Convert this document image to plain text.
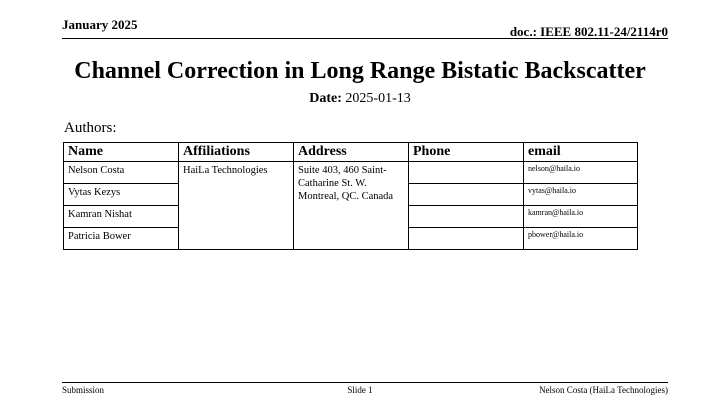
January 2025	doc.: IEEE 802.11-24/2114r0
Channel Correction in Long Range Bistatic Backscatter
Date: 2025-01-13
Authors:
Name	Affiliations	Address	Phone	email
Nelson Costa	HaiLa Technologies	Suite 403, 460 Saint-Catharine St. W. Montreal, QC. Canada		nelson@haila.io
Vytas Kezys				vytas@haila.io
Kamran Nishat				kamran@haila.io
Patricia Bower				pbower@haila.io
Submission	Slide 1	Nelson Costa (HaiLa Technologies)
